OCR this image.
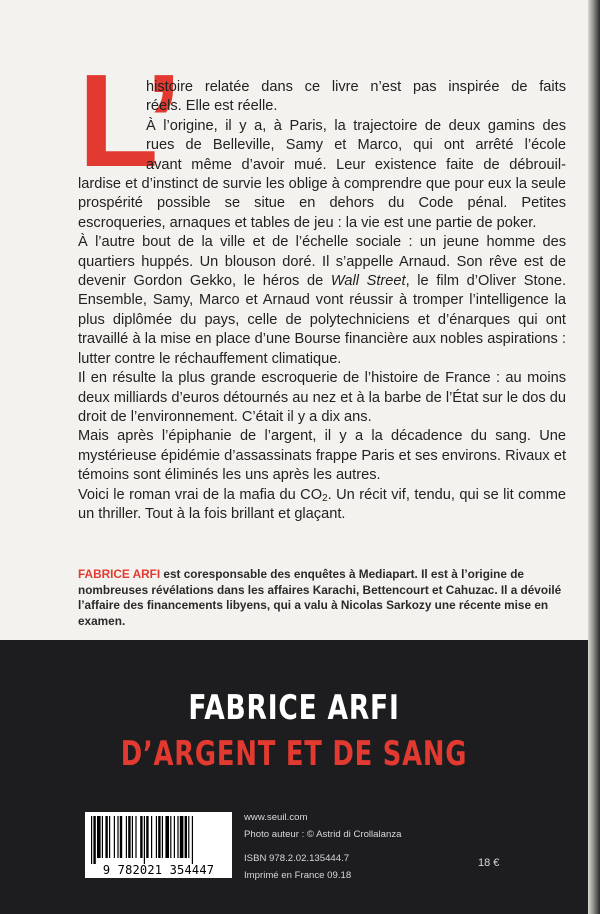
L’

histoire relatée dans ce livre n’est pas inspirée de faits

réels. Elle est réelle.

À l’origine, il y a, à Paris, la trajectoire de deux gamins des

rues de Belleville, Samy et Marco, qui ont arrêté l’école

avant même d’avoir mué. Leur existence faite de débrouil-

lardise et d’instinct de survie les oblige à comprendre que pour eux la seule prospérité possible se situe en dehors du Code pénal. Petites escroqueries, arnaques et tables de jeu : la vie est une partie de poker.

À l’autre bout de la ville et de l’échelle sociale : un jeune homme des quartiers huppés. Un blouson doré. Il s’appelle Arnaud. Son rêve est de devenir Gordon Gekko, le héros de Wall Street, le film d’Oliver Stone. Ensemble, Samy, Marco et Arnaud vont réussir à tromper l’intelligence la plus diplômée du pays, celle de polytechniciens et d’énarques qui ont travaillé à la mise en place d’une Bourse financière aux nobles aspirations : lutter contre le réchauffement climatique.

Il en résulte la plus grande escroquerie de l’histoire de France : au moins deux milliards d’euros détournés au nez et à la barbe de l’État sur le dos du droit de l’environnement. C’était il y a dix ans.

Mais après l’épiphanie de l’argent, il y a la décadence du sang. Une mystérieuse épidémie d’assassinats frappe Paris et ses environs. Rivaux et témoins sont éliminés les uns après les autres.

Voici le roman vrai de la mafia du $CO_2$. Un récit vif, tendu, qui se lit comme un thriller. Tout à la fois brillant et glaçant.

FABRICE ARFI est coresponsable des enquêtes à Mediapart. Il est à l’origine de nombreuses révélations dans les affaires Karachi, Bettencourt et Cahuzac. Il a dévoilé l’affaire des financements libyens, qui a valu à Nicolas Sarkozy une récente mise en examen.
FABRICE ARFI
D’ARGENT ET DE SANG
9 782021 354447
www.seuil.com
Photo auteur : © Astrid di Crollalanza
ISBN 978.2.02.135444.7
Imprimé en France 09.18
18 €
